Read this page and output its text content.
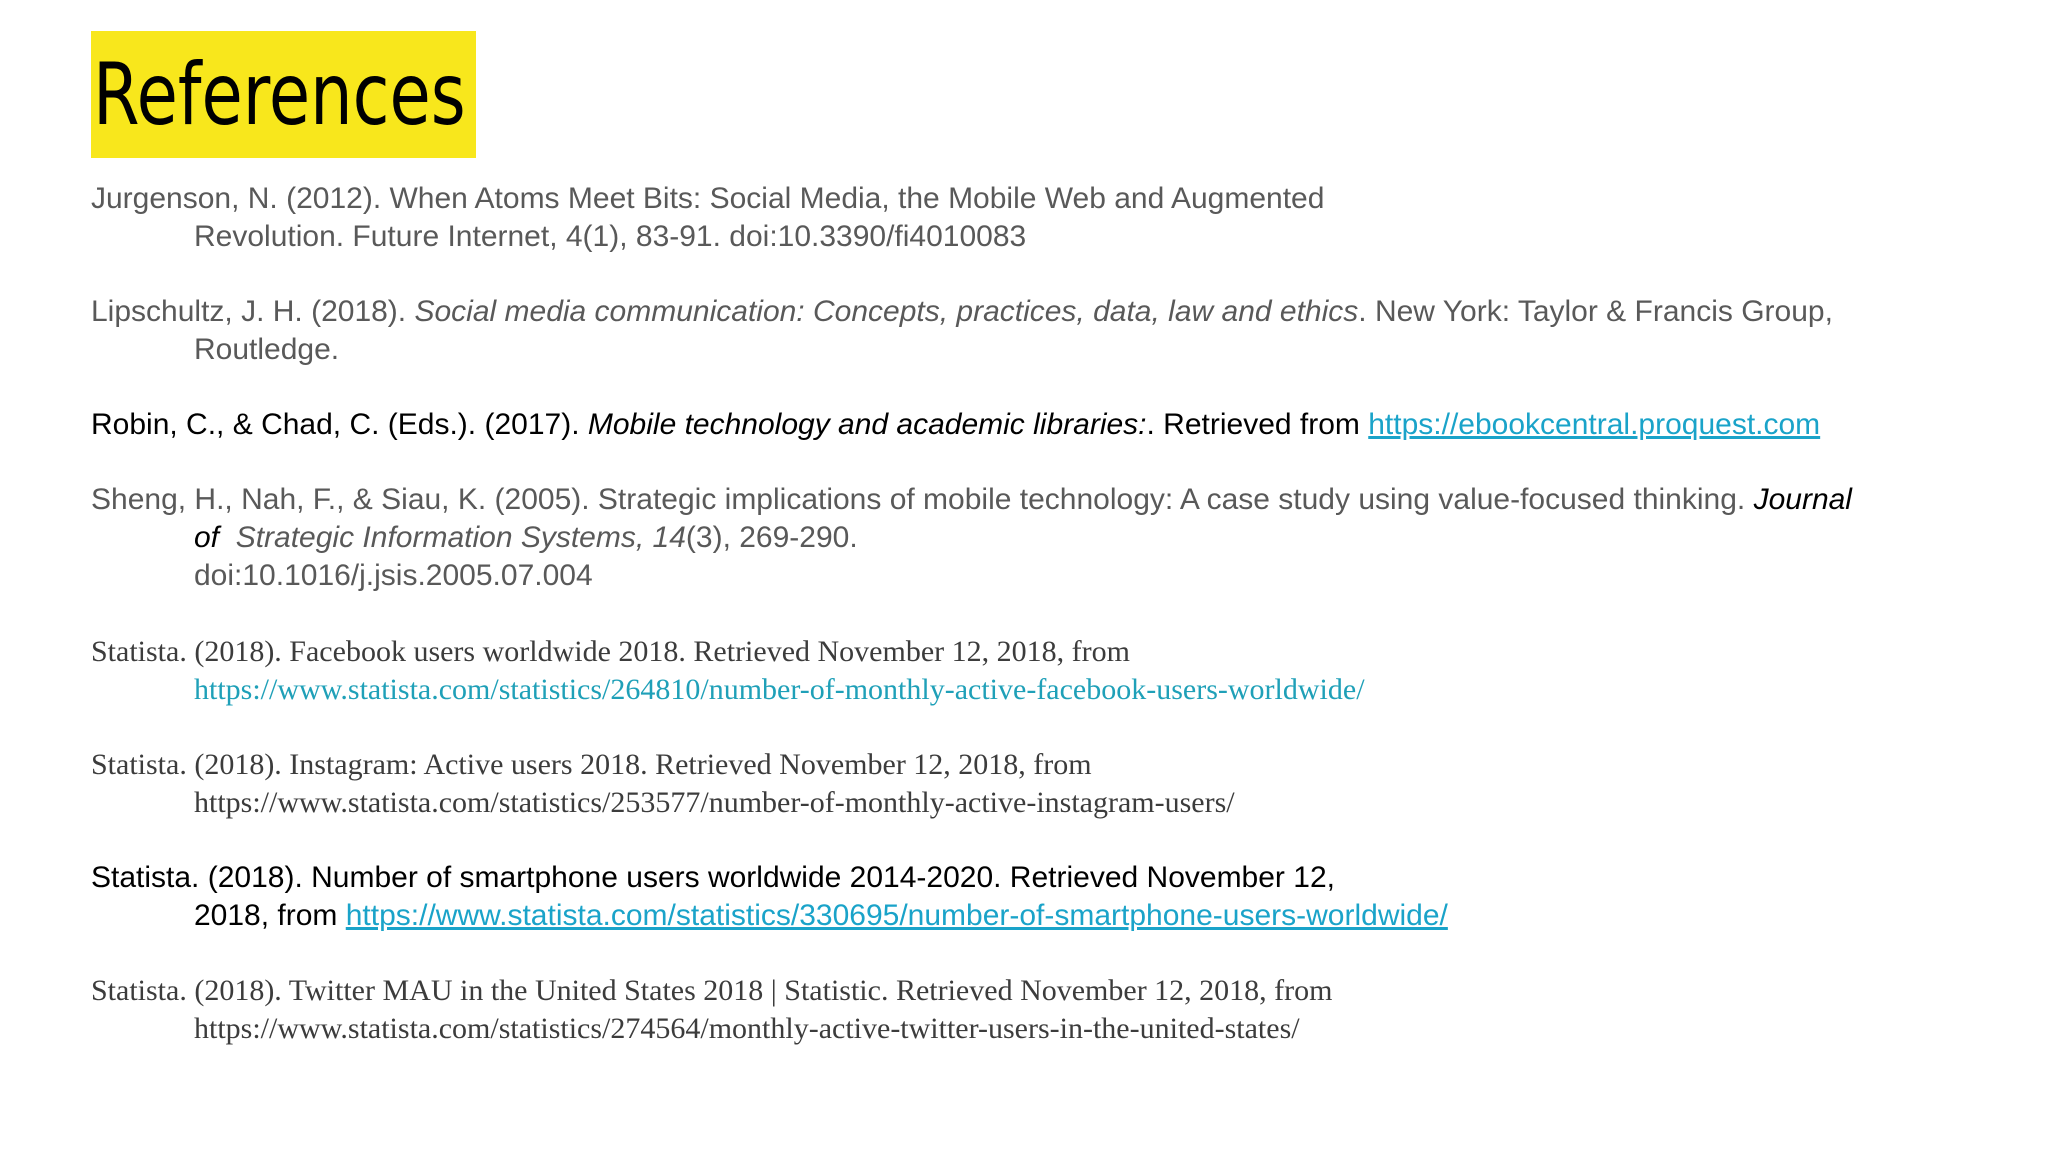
References

Jurgenson, N. (2012). When Atoms Meet Bits: Social Media, the Mobile Web and Augmented
Revolution. Future Internet, 4(1), 83-91. doi:10.3390/fi4010083

Lipschultz, J. H. (2018). Social media communication: Concepts, practices, data, law and ethics. New York: Taylor & Francis Group,
Routledge.

Robin, C., & Chad, C. (Eds.). (2017). Mobile technology and academic libraries:. Retrieved from https://ebookcentral.proquest.com

Sheng, H., Nah, F., & Siau, K. (2005). Strategic implications of mobile technology: A case study using value-focused thinking. Journal
of Strategic Information Systems, 14(3), 269-290.
doi:10.1016/j.jsis.2005.07.004

Statista. (2018). Facebook users worldwide 2018. Retrieved November 12, 2018, from
https://www.statista.com/statistics/264810/number-of-monthly-active-facebook-users-worldwide/

Statista. (2018). Instagram: Active users 2018. Retrieved November 12, 2018, from
https://www.statista.com/statistics/253577/number-of-monthly-active-instagram-users/

Statista. (2018). Number of smartphone users worldwide 2014-2020. Retrieved November 12,
2018, from https://www.statista.com/statistics/330695/number-of-smartphone-users-worldwide/

Statista. (2018). Twitter MAU in the United States 2018 | Statistic. Retrieved November 12, 2018, from
https://www.statista.com/statistics/274564/monthly-active-twitter-users-in-the-united-states/
